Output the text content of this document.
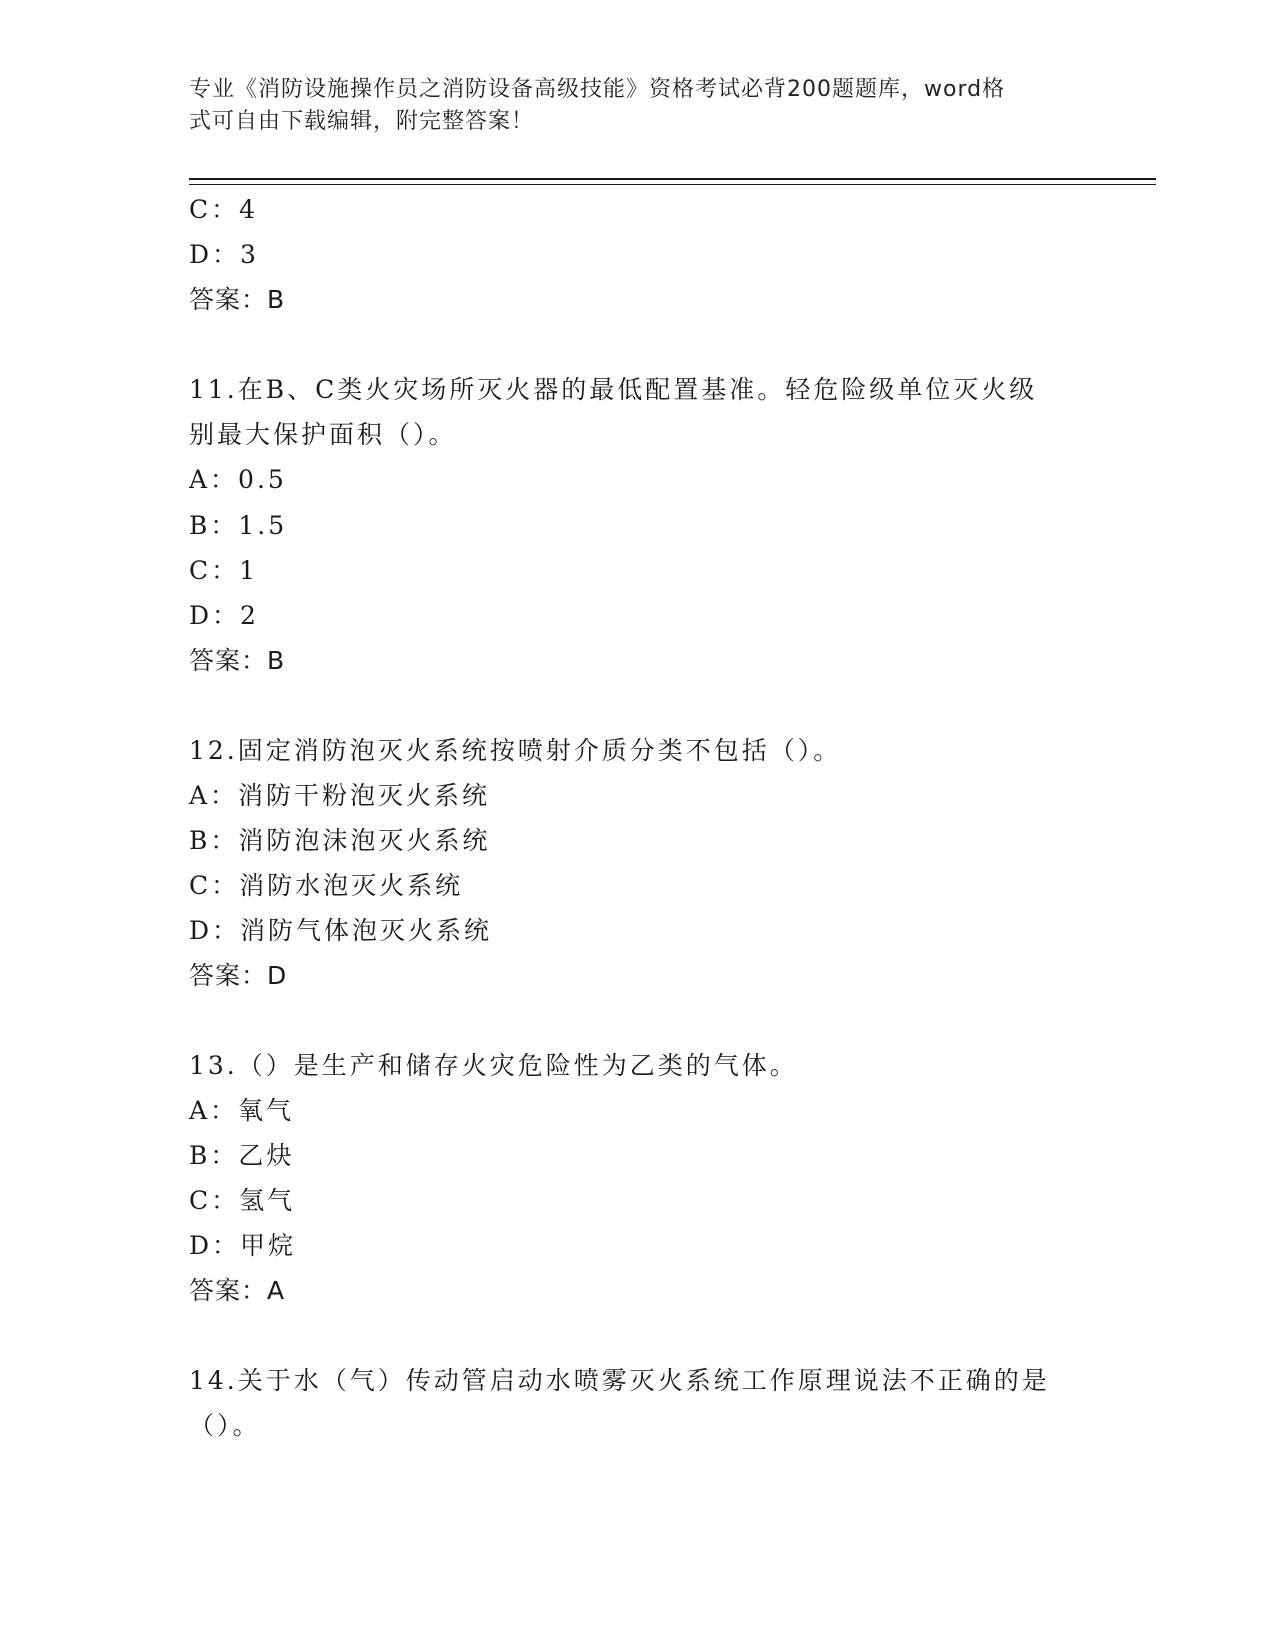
专业《消防设施操作员之消防设备高级技能》资格考试必背200题题库，word格
式可自由下载编辑，附完整答案！
C：4
D：3
答案：B
11.在B、C类火灾场所灭火器的最低配置基准。轻危险级单位灭火级
别最大保护面积（）。
A：0.5
B：1.5
C：1
D：2
答案：B
12.固定消防泡灭火系统按喷射介质分类不包括（）。
A：消防干粉泡灭火系统
B：消防泡沫泡灭火系统
C：消防水泡灭火系统
D：消防气体泡灭火系统
答案：D
13.（）是生产和储存火灾危险性为乙类的气体。
A：氧气
B：乙炔
C：氢气
D：甲烷
答案：A
14.关于水（气）传动管启动水喷雾灭火系统工作原理说法不正确的是
（）。
